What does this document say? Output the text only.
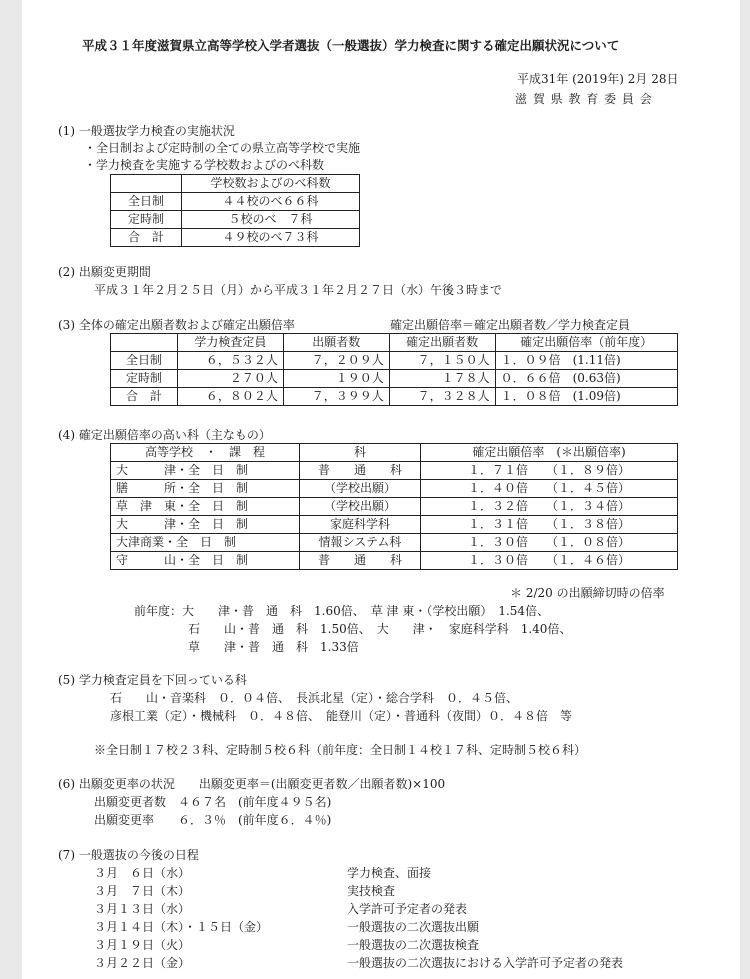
平成３１年度滋賀県立高等学校入学者選抜（一般選抜）学力検査に関する確定出願状況について
平成31年 (2019年) 2月 28日
滋 賀 県 教 育 委 員 会
(1) 一般選抜学力検査の実施状況
・全日制および定時制の全ての県立高等学校で実施
・学力検査を実施する学校数およびのべ科数
	学校数およびのべ科数
全日制	４４校のべ６６科
定時制	５校のべ　７科
合　計	４９校のべ７３科
(2) 出願変更期間
平成３１年２月２５日（月）から平成３１年２月２７日（水）午後３時まで
(3) 全体の確定出願者数および確定出願倍率	確定出願倍率＝確定出願者数／学力検査定員
	学力検査定員	出願者数	確定出願者数	確定出願倍率（前年度）
全日制	６，５３２人	７，２０９人	７，１５０人	１．０９倍　(1.11倍)
定時制	２７０人	１９０人	１７８人	０．６６倍　(0.63倍)
合　計	６，８０２人	７，３９９人	７，３２８人	１．０８倍　(1.09倍)
(4) 確定出願倍率の高い科（主なもの）
高等学校　・　課　程	科	確定出願倍率　(＊出願倍率)
大　　　津・全　日　制	普　　通　　科	１．７１倍　　（１．８９倍）
膳　　　所・全　日　制	（学校出願）	１．４０倍　　（１．４５倍）
草　津　東・全　日　制	（学校出願）	１．３２倍　　（１．３４倍）
大　　　津・全　日　制	家庭科学科	１．３１倍　　（１．３８倍）
大津商業・全　日　制	情報システム科	１．３０倍　　（１．０８倍）
守　　　山・全　日　制	普　　通　　科	１．３０倍　　（１．４６倍）
＊ 2/20 の出願締切時の倍率
前年度：大　　津・普　通　科　1.60倍、　草 津 東・（学校出願）　1.54倍、
石　　山・普　通　科　1.50倍、　大　　津・　家庭科学科　1.40倍、
草　　津・普　通　科　1.33倍
(5) 学力検査定員を下回っている科
石　　山・音楽科　０．０４倍、　長浜北星（定）・総合学科　０．４５倍、
彦根工業（定）・機械科　０．４８倍、　能登川（定）・普通科（夜間）０．４８倍　等
※全日制１７校２３科、定時制５校６科（前年度：全日制１４校１７科、定時制５校６科）
(6) 出願変更率の状況　　出願変更率＝(出願変更者数／出願者数)×100
出願変更者数　４６７名　(前年度４９５名)
出願変更率　　６．３％　(前年度６．４％)
(7) 一般選抜の今後の日程
３月　６日（水）	学力検査、面接
３月　７日（木）	実技検査
３月１３日（水）	入学許可予定者の発表
３月１４日（木）・１５日（金）	一般選抜の二次選抜出願
３月１９日（火）	一般選抜の二次選抜検査
３月２２日（金）	一般選抜の二次選抜における入学許可予定者の発表
